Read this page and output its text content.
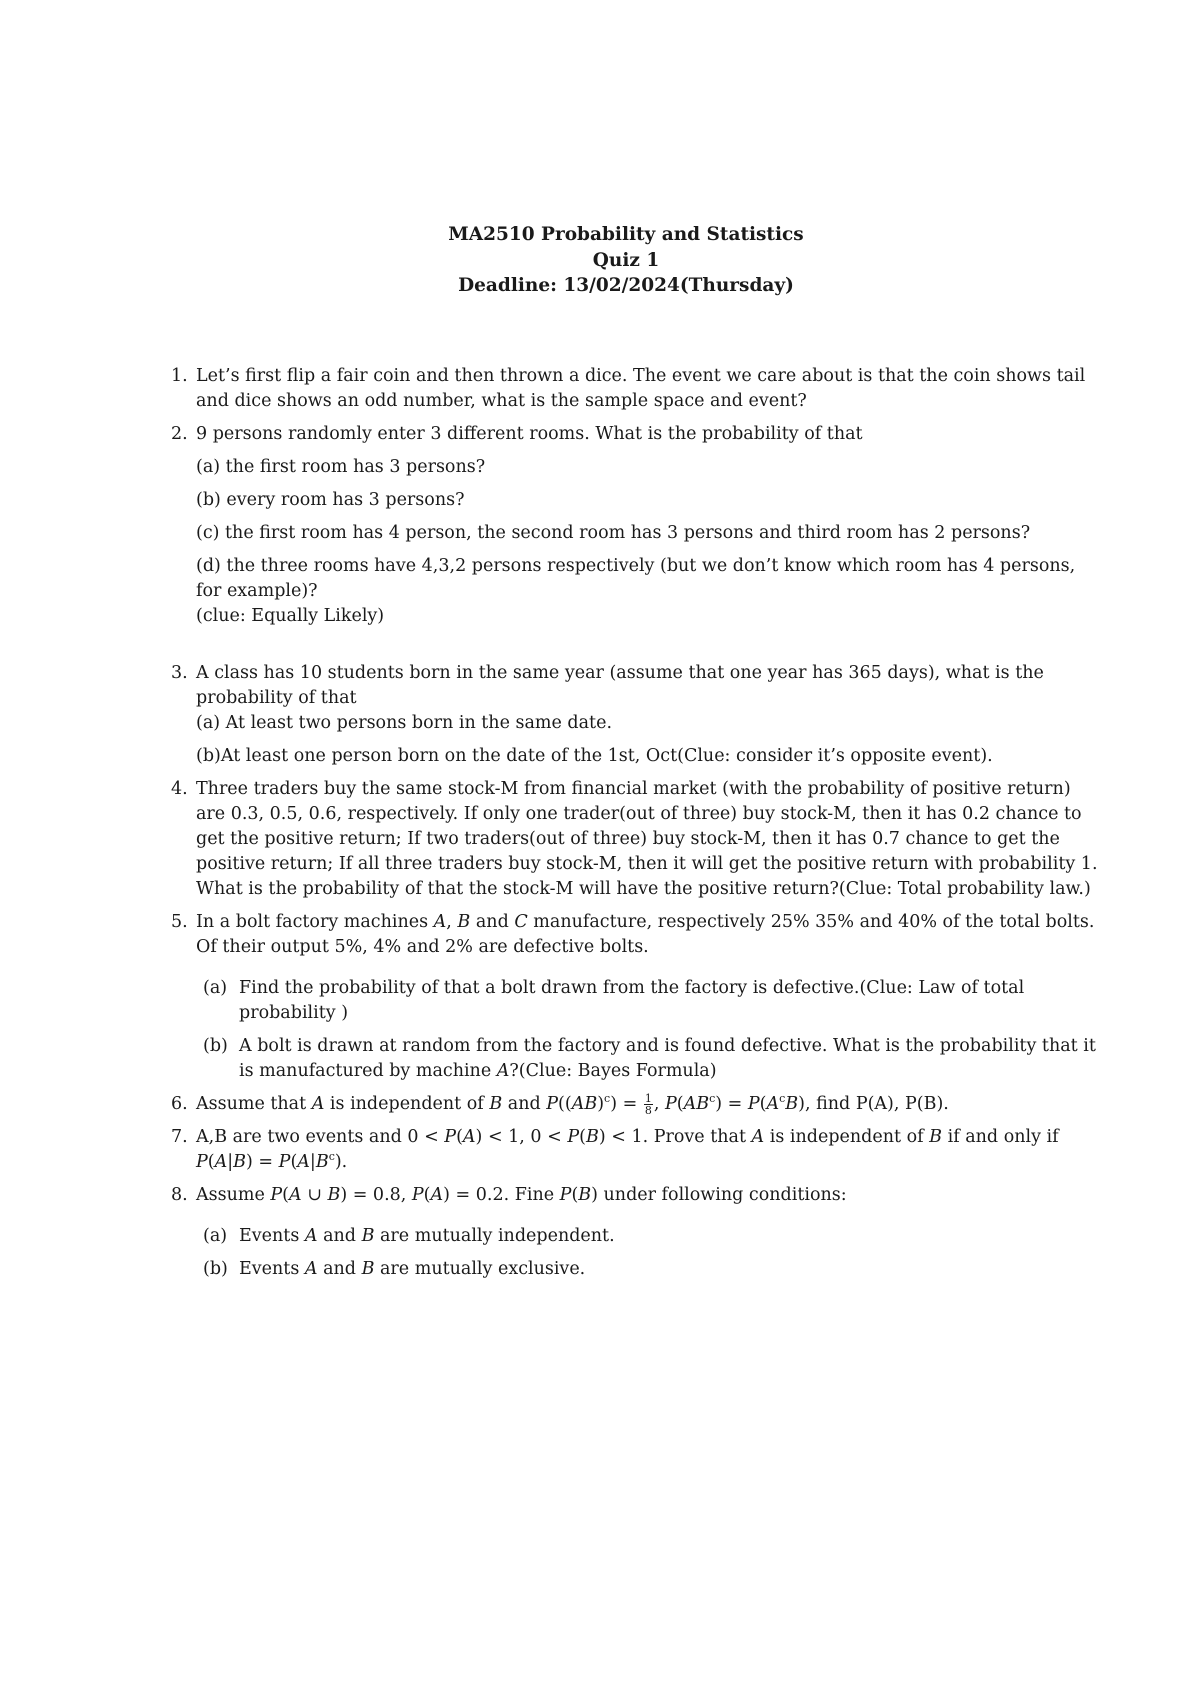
MA2510 Probability and Statistics
Quiz 1
Deadline: 13/02/2024(Thursday)
1. Let’s first flip a fair coin and then thrown a dice. The event we care about is that the coin shows tail and dice shows an odd number, what is the sample space and event?
2. 9 persons randomly enter 3 different rooms. What is the probability of that
(a) the first room has 3 persons?
(b) every room has 3 persons?
(c) the first room has 4 person, the second room has 3 persons and third room has 2 persons?
(d) the three rooms have 4,3,2 persons respectively (but we don’t know which room has 4 persons, for example)?
(clue: Equally Likely)
3. A class has 10 students born in the same year (assume that one year has 365 days), what is the probability of that
(a) At least two persons born in the same date.
(b)At least one person born on the date of the 1st, Oct(Clue: consider it’s opposite event).
4. Three traders buy the same stock-M from financial market (with the probability of positive return) are 0.3, 0.5, 0.6, respectively. If only one trader(out of three) buy stock-M, then it has 0.2 chance to get the positive return; If two traders(out of three) buy stock-M, then it has 0.7 chance to get the positive return; If all three traders buy stock-M, then it will get the positive return with probability 1. What is the probability of that the stock-M will have the positive return?(Clue: Total probability law.)
5. In a bolt factory machines A, B and C manufacture, respectively 25% 35% and 40% of the total bolts. Of their output 5%, 4% and 2% are defective bolts.
(a) Find the probability of that a bolt drawn from the factory is defective.(Clue: Law of total probability )
(b) A bolt is drawn at random from the factory and is found defective. What is the probability that it is manufactured by machine A?(Clue: Bayes Formula)
6. Assume that A is independent of B and $P((AB)^c) = \frac{1}{8}$ , $P(AB^c) = P(A^cB)$, find P(A), P(B).
7. A,B are two events and 0 < P(A) < 1, 0 < P(B) < 1. Prove that A is independent of B if and only if $P(A|B) = P(A|B^c)$.
8. Assume P(A ∪ B) = 0.8, P(A) = 0.2. Fine P(B) under following conditions:
(a) Events A and B are mutually independent.
(b) Events A and B are mutually exclusive.
